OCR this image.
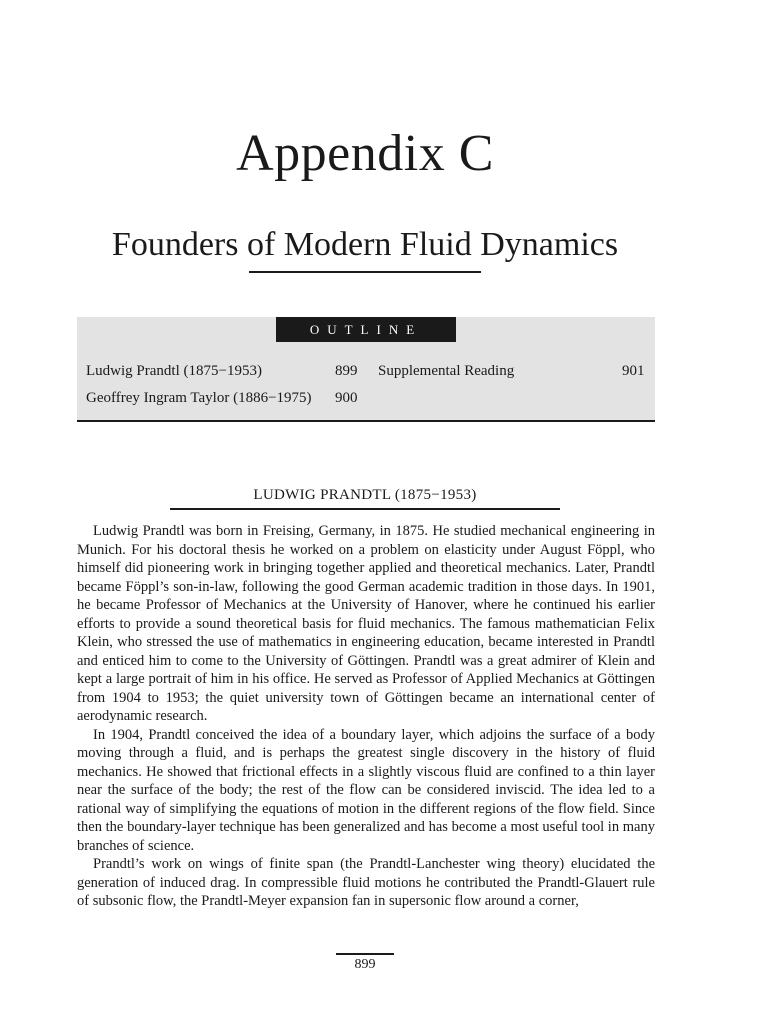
Appendix C
Founders of Modern Fluid Dynamics
OUTLINE
Ludwig Prandtl (1875−1953)	899
Geoffrey Ingram Taylor (1886−1975) 900
Supplemental Reading	901
LUDWIG PRANDTL (1875−1953)

Ludwig Prandtl was born in Freising, Germany, in 1875. He studied mechanical engineering in Munich. For his doctoral thesis he worked on a problem on elasticity under August Föppl, who himself did pioneering work in bringing together applied and theoretical mechanics. Later, Prandtl became Föppl’s son-in-law, following the good German academic tradition in those days. In 1901, he became Professor of Mechanics at the University of Hanover, where he continued his earlier efforts to provide a sound theoretical basis for fluid mechanics. The famous mathematician Felix Klein, who stressed the use of mathematics in engineering education, became interested in Prandtl and enticed him to come to the University of Göttingen. Prandtl was a great admirer of Klein and kept a large portrait of him in his office. He served as Professor of Applied Mechanics at Göttingen from 1904 to 1953; the quiet university town of Göttingen became an international center of aerodynamic research.

In 1904, Prandtl conceived the idea of a boundary layer, which adjoins the surface of a body moving through a fluid, and is perhaps the greatest single discovery in the history of fluid mechanics. He showed that frictional effects in a slightly viscous fluid are confined to a thin layer near the surface of the body; the rest of the flow can be considered inviscid. The idea led to a rational way of simplifying the equations of motion in the different regions of the flow field. Since then the boundary-layer technique has been generalized and has become a most useful tool in many branches of science.

Prandtl’s work on wings of finite span (the Prandtl-Lanchester wing theory) elucidated the generation of induced drag. In compressible fluid motions he contributed the Prandtl-Glauert rule of subsonic flow, the Prandtl-Meyer expansion fan in supersonic flow around a corner,

899
